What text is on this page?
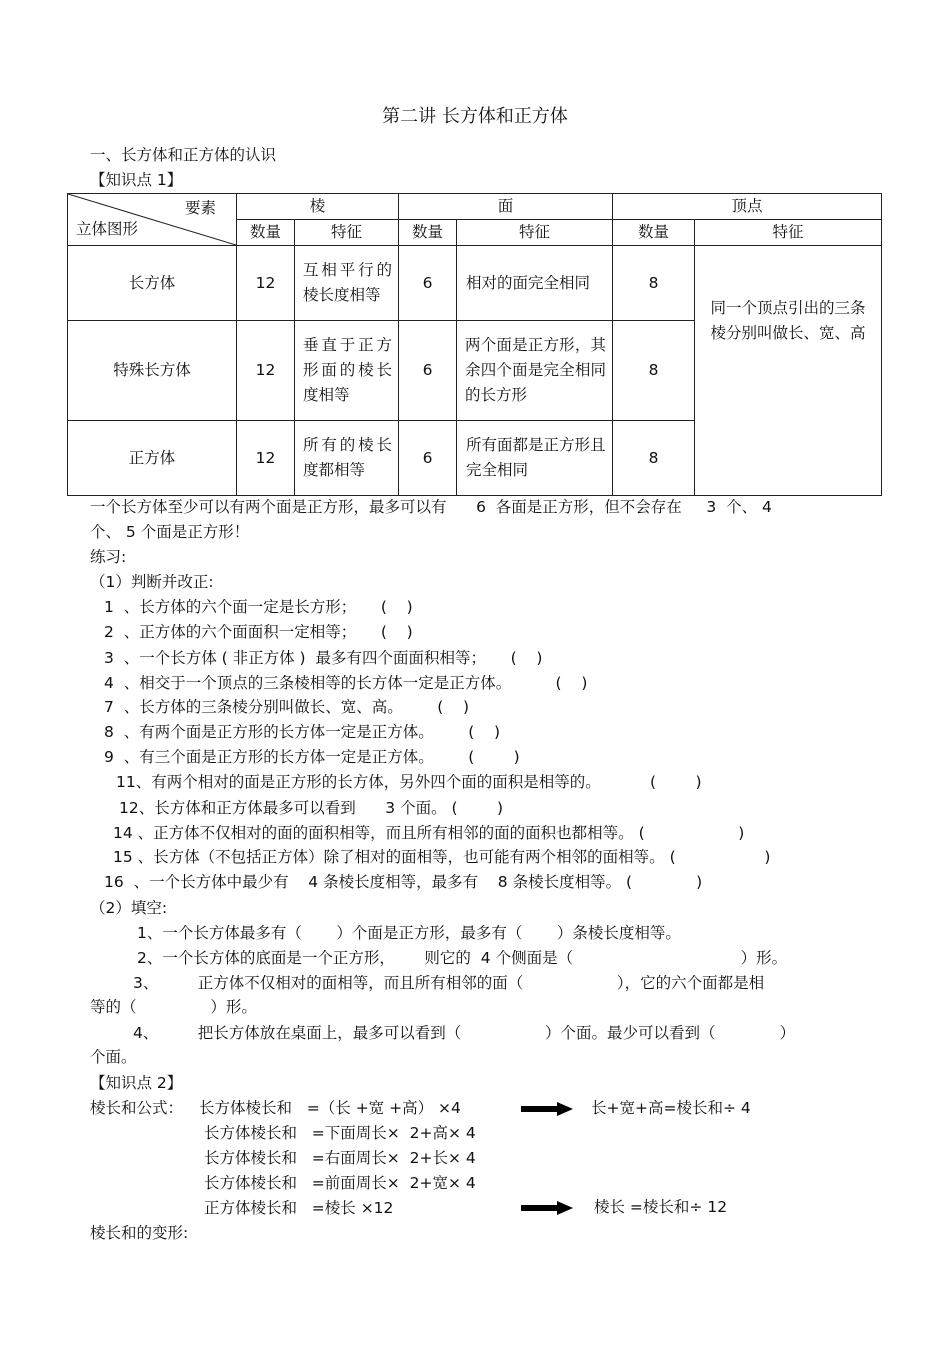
第二讲 长方体和正方体
一、长方体和正方体的认识
【知识点 1】
要素
立体图形	棱		面		顶点	
	数量	特征	数量	特征	数量	特征
长方体	12	互相平行的棱长度相等	6	相对的面完全相同	8	同一个顶点引出的三条棱分别叫做长、宽、高
特殊长方体	12	垂直于正方形面的棱长度相等	6	两个面是正方形，其余四个面是完全相同的长方形	8	
正方体	12	所有的棱长度都相等	6	所有面都是正方形且完全相同	8	
一个长方体至少可以有两个面是正方形，最多可以有      6  各面是正方形，但不会存在     3  个、 4
个、 5 个面是正方形！
练习:
（1）判断并改正:
1  、长方体的六个面一定是长方形；     (    )
2  、正方体的六个面面积一定相等；     (    )
3  、一个长方体 ( 非正方体 )  最多有四个面面积相等；     (    )
4  、相交于一个顶点的三条棱相等的长方体一定是正方体。         (    )
7  、长方体的三条棱分别叫做长、宽、高。       (    )
8  、有两个面是正方形的长方体一定是正方体。       (    )
9  、有三个面是正方形的长方体一定是正方体。       (        )
11、有两个相对的面是正方形的长方体，另外四个面的面积是相等的。          (        )
12、长方体和正方体最多可以看到      3 个面。 (        )
14 、正方体不仅相对的面的面积相等，而且所有相邻的面的面积也都相等。 (                   )
15 、长方体（不包括正方体）除了相对的面相等，也可能有两个相邻的面相等。 (                  )
16  、一个长方体中最少有    4 条棱长度相等，最多有    8 条棱长度相等。 (             )
（2）填空:
1、一个长方体最多有（       ）个面是正方形，最多有（       ）条棱长度相等。
2、一个长方体的底面是一个正方形，      则它的  4 个侧面是（                                  ）形。
3、        正方体不仅相对的面相等，而且所有相邻的面（                   ），它的六个面都是相
等的（               ）形。
4、        把长方体放在桌面上，最多可以看到（                 ）个面。最少可以看到（             ）
个面。
【知识点 2】
棱长和公式： 长方体棱长和   =（长 +宽 +高） ×4
长方体棱长和   =下面周长×  2+高× 4
长方体棱长和   =右面周长×  2+长× 4
长方体棱长和   =前面周长×  2+宽× 4
正方体棱长和   =棱长 ×12
长+宽+高=棱长和÷ 4
棱长 =棱长和÷ 12
棱长和的变形:
